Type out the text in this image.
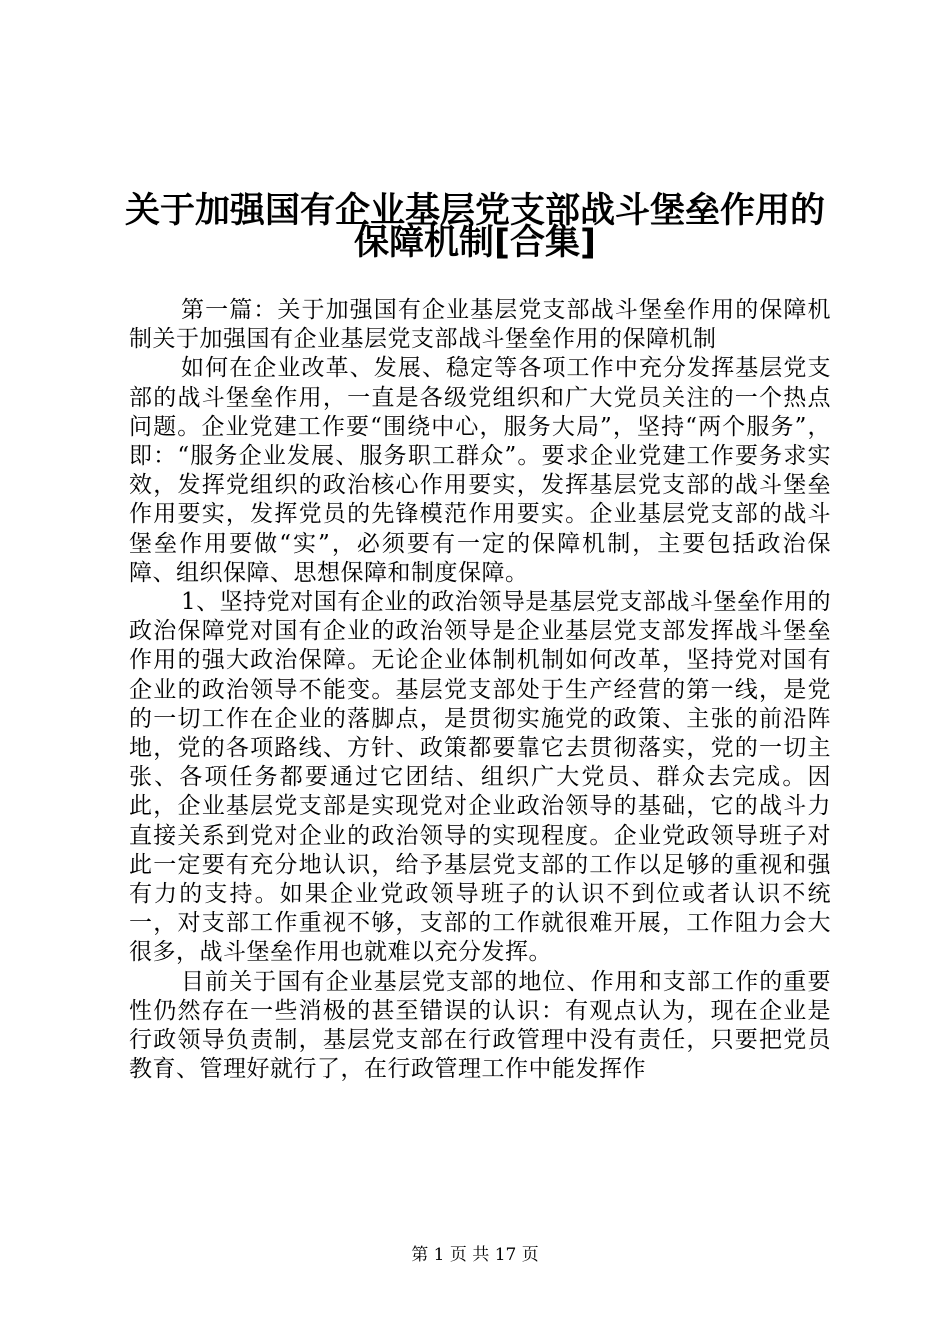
关于加强国有企业基层党支部战斗堡垒作用的
保障机制[合集]

第一篇：关于加强国有企业基层党支部战斗堡垒作用的保障机制关于加强国有企业基层党支部战斗堡垒作用的保障机制

如何在企业改革、发展、稳定等各项工作中充分发挥基层党支部的战斗堡垒作用，一直是各级党组织和广大党员关注的一个热点问题。企业党建工作要“围绕中心，服务大局”，坚持“两个服务”，即：“服务企业发展、服务职工群众”。要求企业党建工作要务求实效，发挥党组织的政治核心作用要实，发挥基层党支部的战斗堡垒作用要实，发挥党员的先锋模范作用要实。企业基层党支部的战斗堡垒作用要做“实”，必须要有一定的保障机制，主要包括政治保障、组织保障、思想保障和制度保障。

1、坚持党对国有企业的政治领导是基层党支部战斗堡垒作用的政治保障党对国有企业的政治领导是企业基层党支部发挥战斗堡垒作用的强大政治保障。无论企业体制机制如何改革，坚持党对国有企业的政治领导不能变。基层党支部处于生产经营的第一线，是党的一切工作在企业的落脚点，是贯彻实施党的政策、主张的前沿阵地，党的各项路线、方针、政策都要靠它去贯彻落实，党的一切主张、各项任务都要通过它团结、组织广大党员、群众去完成。因此，企业基层党支部是实现党对企业政治领导的基础，它的战斗力直接关系到党对企业的政治领导的实现程度。企业党政领导班子对此一定要有充分地认识，给予基层党支部的工作以足够的重视和强有力的支持。如果企业党政领导班子的认识不到位或者认识不统一，对支部工作重视不够，支部的工作就很难开展，工作阻力会大很多，战斗堡垒作用也就难以充分发挥。

目前关于国有企业基层党支部的地位、作用和支部工作的重要性仍然存在一些消极的甚至错误的认识：有观点认为，现在企业是行政领导负责制，基层党支部在行政管理中没有责任，只要把党员教育、管理好就行了，在行政管理工作中能发挥作

第 1 页 共 17 页
